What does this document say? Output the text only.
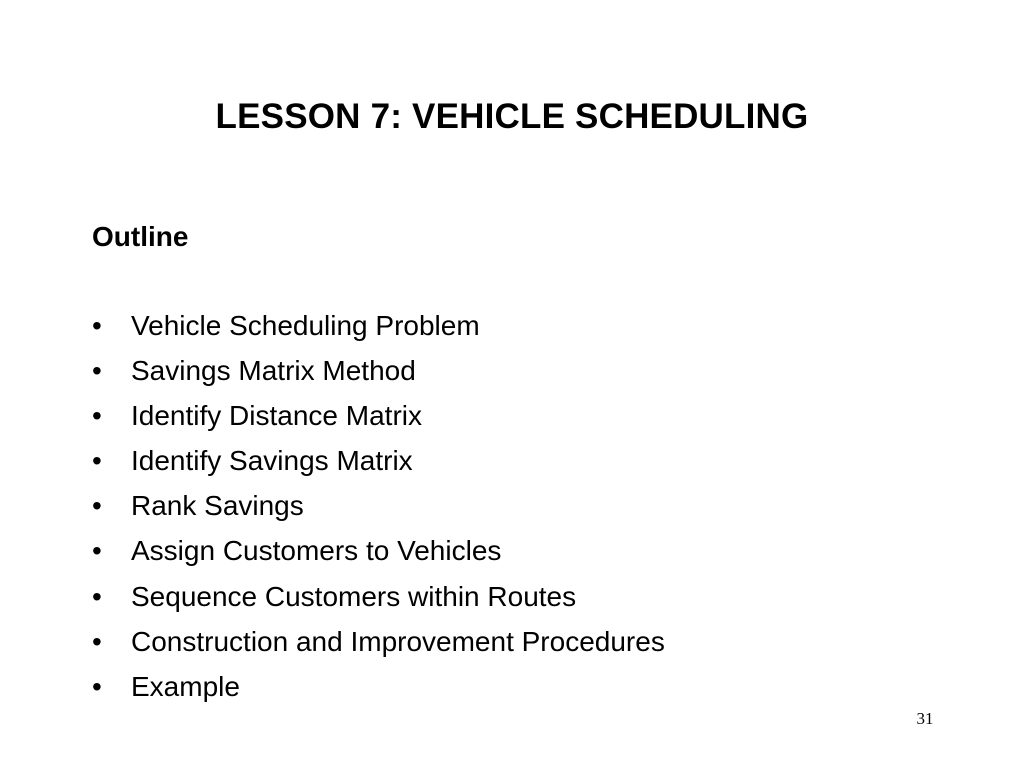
LESSON 7: VEHICLE SCHEDULING
Outline
•	Vehicle Scheduling Problem
•	Savings Matrix Method
•	Identify Distance Matrix
•	Identify Savings Matrix
•	Rank Savings
•	Assign Customers to Vehicles
•	Sequence Customers within Routes
•	Construction and Improvement Procedures
•	Example
31
